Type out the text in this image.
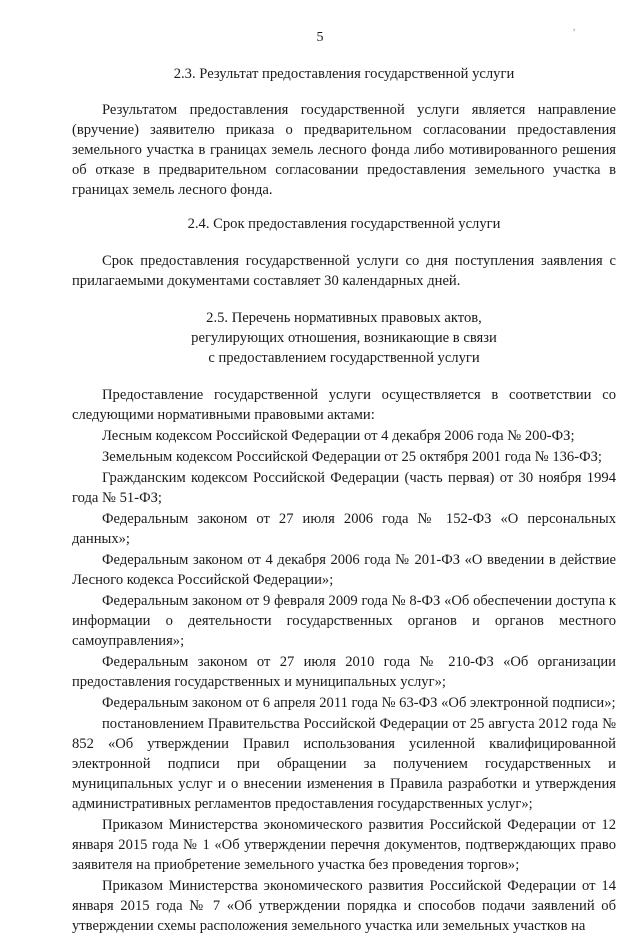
,
5
2.3. Результат предоставления государственной услуги

Результатом предоставления государственной услуги является направление (вручение) заявителю приказа о предварительном согласовании предоставления земельного участка в границах земель лесного фонда либо мотивированного решения об отказе в предварительном согласовании предоставления земельного участка в границах земель лесного фонда.

2.4. Срок предоставления государственной услуги

Срок предоставления государственной услуги со дня поступления заявления с прилагаемыми документами составляет 30 календарных дней.

2.5. Перечень нормативных правовых актов,
регулирующих отношения, возникающие в связи
с предоставлением государственной услуги

Предоставление государственной услуги осуществляется в соответствии со следующими нормативными правовыми актами:

Лесным кодексом Российской Федерации от 4 декабря 2006 года № 200-ФЗ;

Земельным кодексом Российской Федерации от 25 октября 2001 года № 136-ФЗ;

Гражданским кодексом Российской Федерации (часть первая) от 30 ноября 1994 года № 51-ФЗ;

Федеральным законом от 27 июля 2006 года № 152-ФЗ «О персональных данных»;

Федеральным законом от 4 декабря 2006 года № 201-ФЗ «О введении в действие Лесного кодекса Российской Федерации»;

Федеральным законом от 9 февраля 2009 года № 8-ФЗ «Об обеспечении доступа к информации о деятельности государственных органов и органов местного самоуправления»;

Федеральным законом от 27 июля 2010 года № 210-ФЗ «Об организации предоставления государственных и муниципальных услуг»;

Федеральным законом от 6 апреля 2011 года № 63-ФЗ «Об электронной подписи»;

постановлением Правительства Российской Федерации от 25 августа 2012 года № 852 «Об утверждении Правил использования усиленной квалифицированной электронной подписи при обращении за получением государственных и муниципальных услуг и о внесении изменения в Правила разработки и утверждения административных регламентов предоставления государственных услуг»;

Приказом Министерства экономического развития Российской Федерации от 12 января 2015 года № 1 «Об утверждении перечня документов, подтверждающих право заявителя на приобретение земельного участка без проведения торгов»;

Приказом Министерства экономического развития Российской Федерации от 14 января 2015 года № 7 «Об утверждении порядка и способов подачи заявлений об утверждении схемы расположения земельного участка или земельных участков на
